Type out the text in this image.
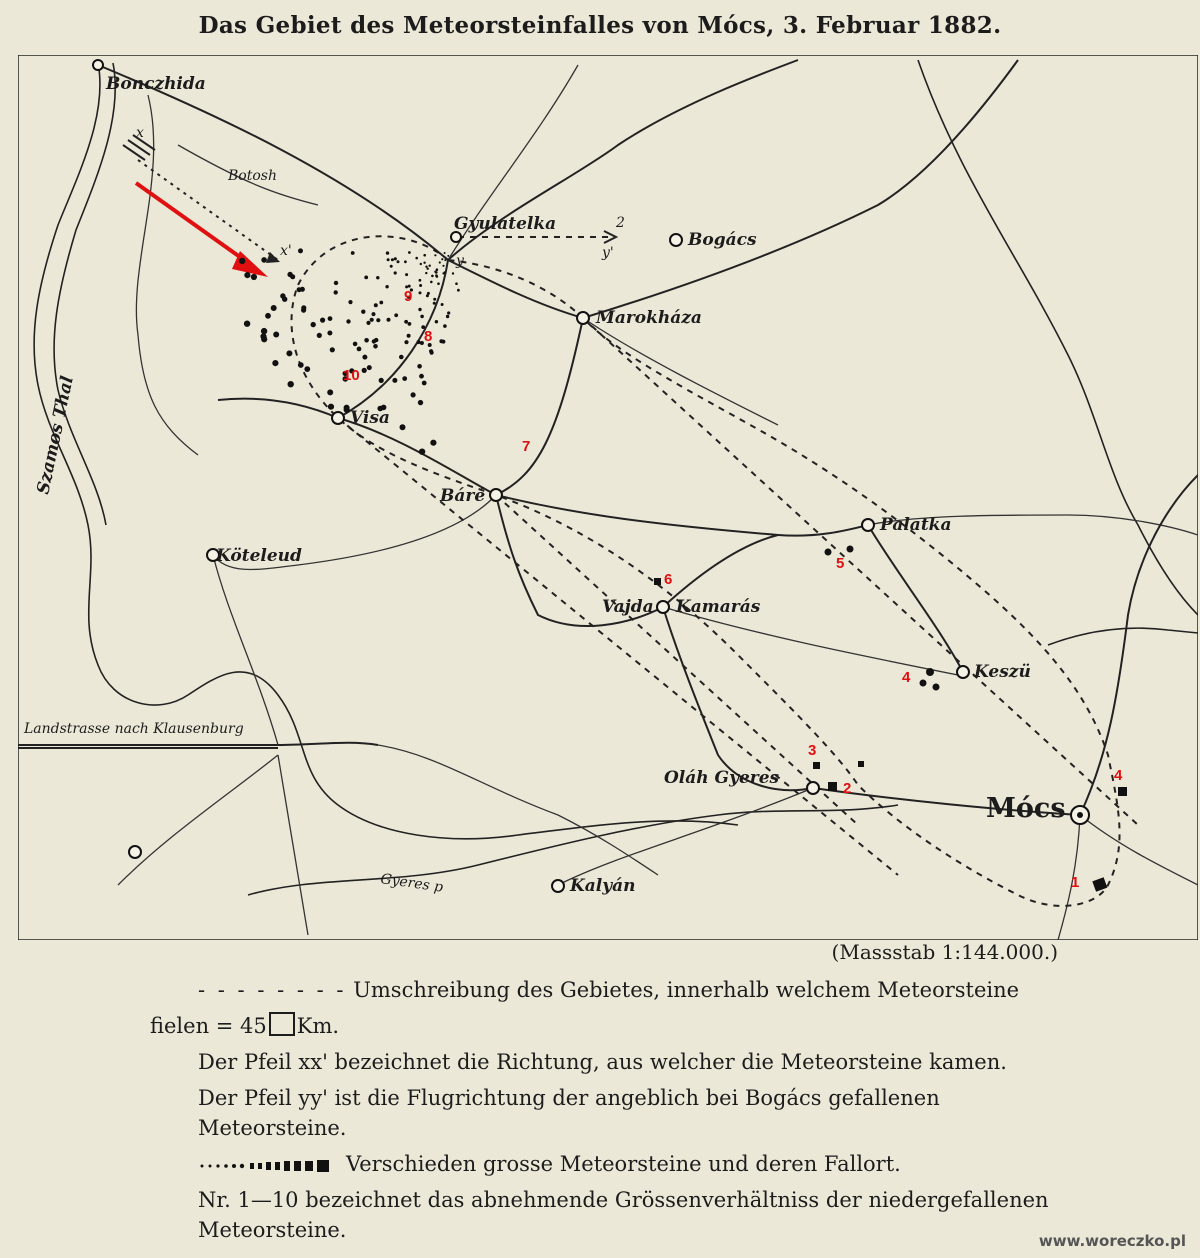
Das Gebiet des Meteorsteinfalles von Mócs, 3. Februar 1882.
x
x'
y	y'
2
Bonczhida
Botosh
Gyulatelka
Bogács
Marokháza
Visa
Báré
Palatka
Köteleud
Vajda Kamarás
Keszü
Oláh Gyeres
Mócs
Kalyán
Gyeres p
Szamos Thal
Landstrasse nach Klausenburg
1
2
3
4
4
5
6
7
8
9
10
(Massstab 1:144.000.)

- - - - - - - - Umschreibung des Gebietes, innerhalb welchem Meteorsteine

fielen = 45 Km.

Der Pfeil xx' bezeichnet die Richtung, aus welcher die Meteorsteine kamen.

Der Pfeil yy' ist die Flugrichtung der angeblich bei Bogács gefallenen Meteorsteine.

Verschieden grosse Meteorsteine und deren Fallort.

Nr. 1—10 bezeichnet das abnehmende Grössenverhältniss der niedergefallenen Meteorsteine.	www.woreczko.pl
